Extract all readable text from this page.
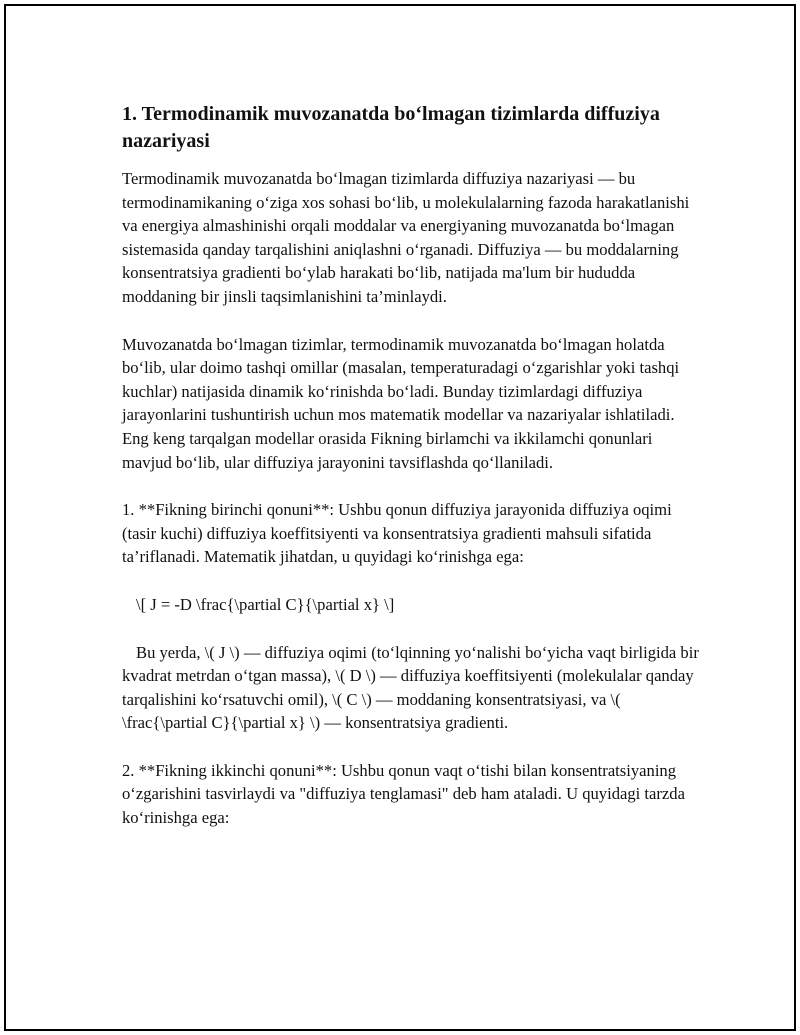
1. Termodinamik muvozanatda bo‘lmagan tizimlarda diffuziya nazariyasi

Termodinamik muvozanatda bo‘lmagan tizimlarda diffuziya nazariyasi — bu termodinamikaning o‘ziga xos sohasi bo‘lib, u molekulalarning fazoda harakatlanishi va energiya almashinishi orqali moddalar va energiyaning muvozanatda bo‘lmagan sistemasida qanday tarqalishini aniqlashni o‘rganadi. Diffuziya — bu moddalarning konsentratsiya gradienti bo‘ylab harakati bo‘lib, natijada ma'lum bir hududda moddaning bir jinsli taqsimlanishini ta’minlaydi.

Muvozanatda bo‘lmagan tizimlar, termodinamik muvozanatda bo‘lmagan holatda bo‘lib, ular doimo tashqi omillar (masalan, temperaturadagi o‘zgarishlar yoki tashqi kuchlar) natijasida dinamik ko‘rinishda bo‘ladi. Bunday tizimlardagi diffuziya jarayonlarini tushuntirish uchun mos matematik modellar va nazariyalar ishlatiladi. Eng keng tarqalgan modellar orasida Fikning birlamchi va ikkilamchi qonunlari mavjud bo‘lib, ular diffuziya jarayonini tavsiflashda qo‘llaniladi.

1. **Fikning birinchi qonuni**: Ushbu qonun diffuziya jarayonida diffuziya oqimi (tasir kuchi) diffuziya koeffitsiyenti va konsentratsiya gradienti mahsuli sifatida ta’riflanadi. Matematik jihatdan, u quyidagi ko‘rinishga ega:

\[ J = -D \frac{\partial C}{\partial x} \]

Bu yerda, \( J \) — diffuziya oqimi (to‘lqinning yo‘nalishi bo‘yicha vaqt birligida bir kvadrat metrdan o‘tgan massa), \( D \) — diffuziya koeffitsiyenti (molekulalar qanday tarqalishini ko‘rsatuvchi omil), \( C \) — moddaning konsentratsiyasi, va \( \frac{\partial C}{\partial x} \) — konsentratsiya gradienti.

2. **Fikning ikkinchi qonuni**: Ushbu qonun vaqt o‘tishi bilan konsentratsiyaning o‘zgarishini tasvirlaydi va "diffuziya tenglamasi" deb ham ataladi. U quyidagi tarzda ko‘rinishga ega:
